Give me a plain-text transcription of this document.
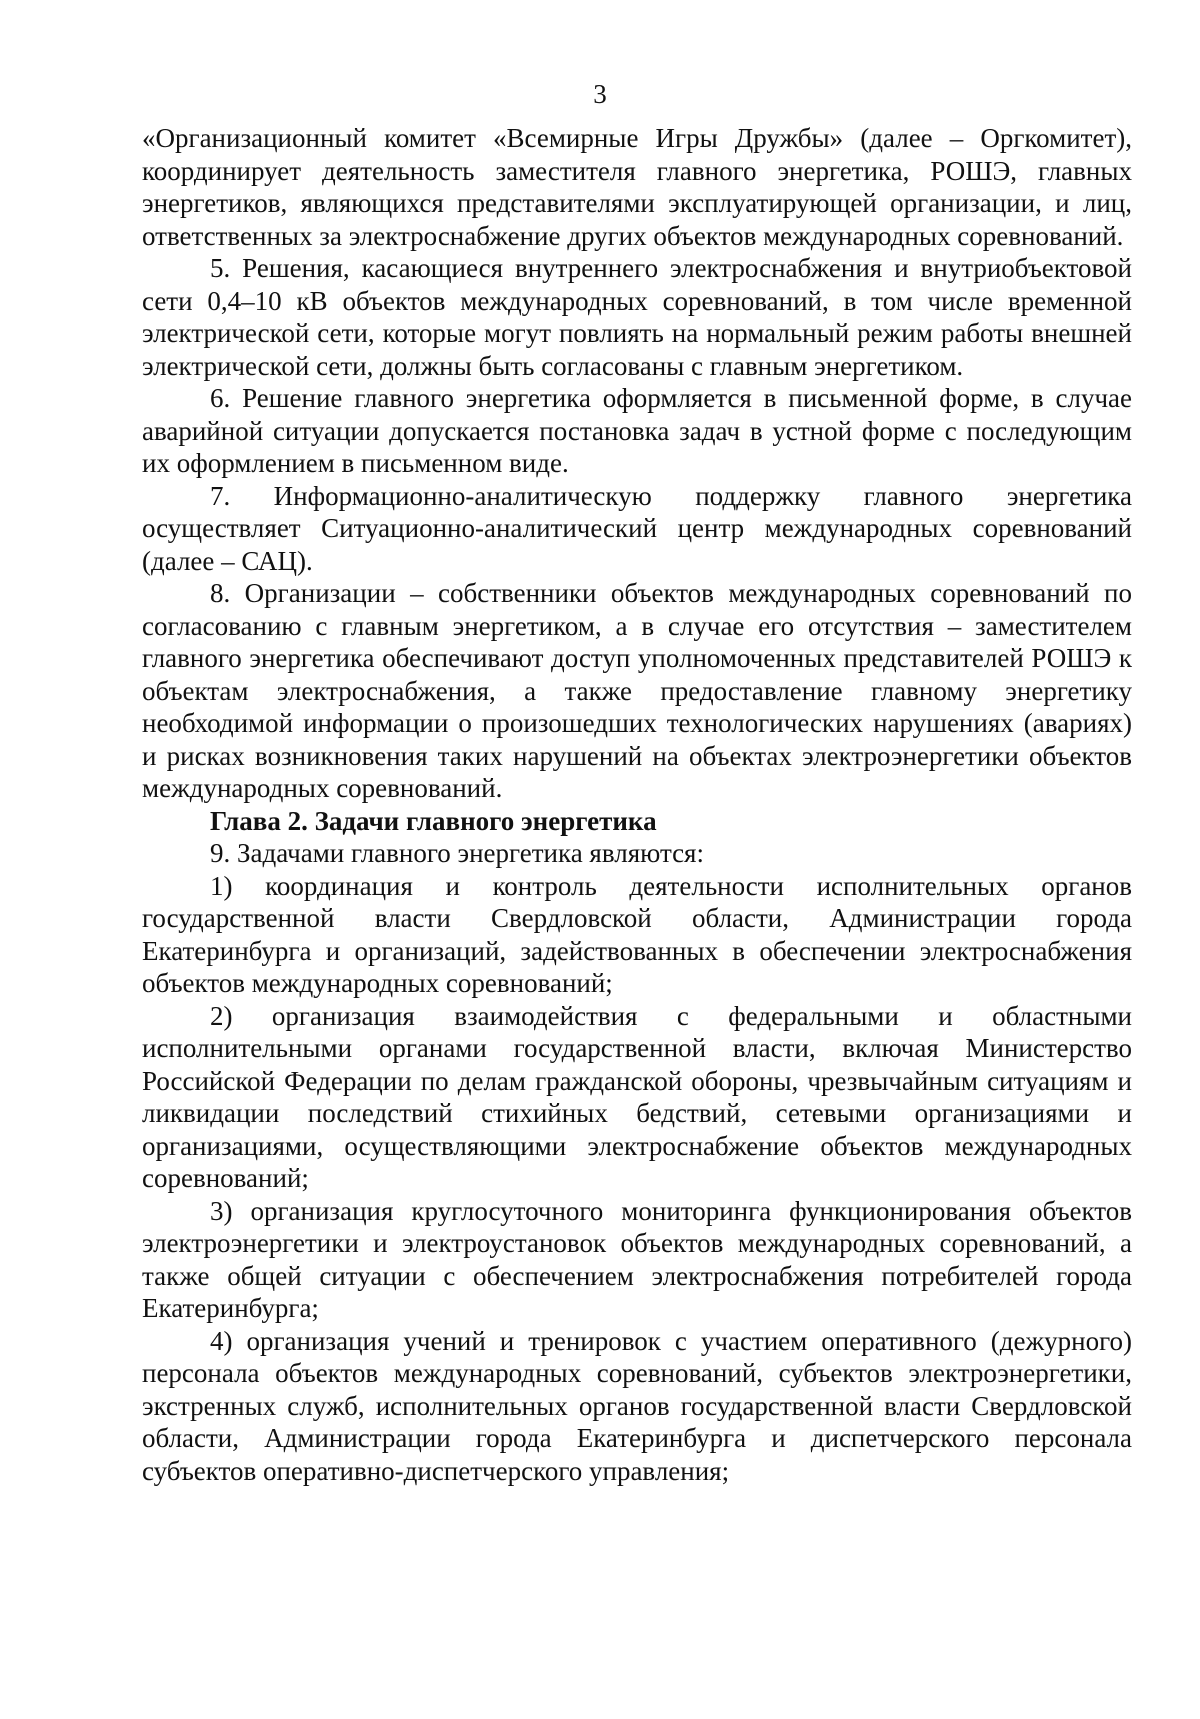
3

«Организационный комитет «Всемирные Игры Дружбы» (далее – Оргкомитет), координирует деятельность заместителя главного энергетика, РОШЭ, главных энергетиков, являющихся представителями эксплуатирующей организации, и лиц, ответственных за электроснабжение других объектов международных соревнований.

5. Решения, касающиеся внутреннего электроснабжения и внутриобъектовой сети 0,4–10 кВ объектов международных соревнований, в том числе временной электрической сети, которые могут повлиять на нормальный режим работы внешней электрической сети, должны быть согласованы с главным энергетиком.

6. Решение главного энергетика оформляется в письменной форме, в случае аварийной ситуации допускается постановка задач в устной форме с последующим их оформлением в письменном виде.

7. Информационно-аналитическую поддержку главного энергетика осуществляет Ситуационно-аналитический центр международных соревнований (далее – САЦ).

8. Организации – собственники объектов международных соревнований по согласованию с главным энергетиком, а в случае его отсутствия – заместителем главного энергетика обеспечивают доступ уполномоченных представителей РОШЭ к объектам электроснабжения, а также предоставление главному энергетику необходимой информации о произошедших технологических нарушениях (авариях) и рисках возникновения таких нарушений на объектах электроэнергетики объектов международных соревнований.

Глава 2. Задачи главного энергетика

9. Задачами главного энергетика являются:

1) координация и контроль деятельности исполнительных органов государственной власти Свердловской области, Администрации города Екатеринбурга и организаций, задействованных в обеспечении электроснабжения объектов международных соревнований;

2) организация взаимодействия с федеральными и областными исполнительными органами государственной власти, включая Министерство Российской Федерации по делам гражданской обороны, чрезвычайным ситуациям и ликвидации последствий стихийных бедствий, сетевыми организациями и организациями, осуществляющими электроснабжение объектов международных соревнований;

3) организация круглосуточного мониторинга функционирования объектов электроэнергетики и электроустановок объектов международных соревнований, а также общей ситуации с обеспечением электроснабжения потребителей города Екатеринбурга;

4) организация учений и тренировок с участием оперативного (дежурного) персонала объектов международных соревнований, субъектов электроэнергетики, экстренных служб, исполнительных органов государственной власти Свердловской области, Администрации города Екатеринбурга и диспетчерского персонала субъектов оперативно-диспетчерского управления;
